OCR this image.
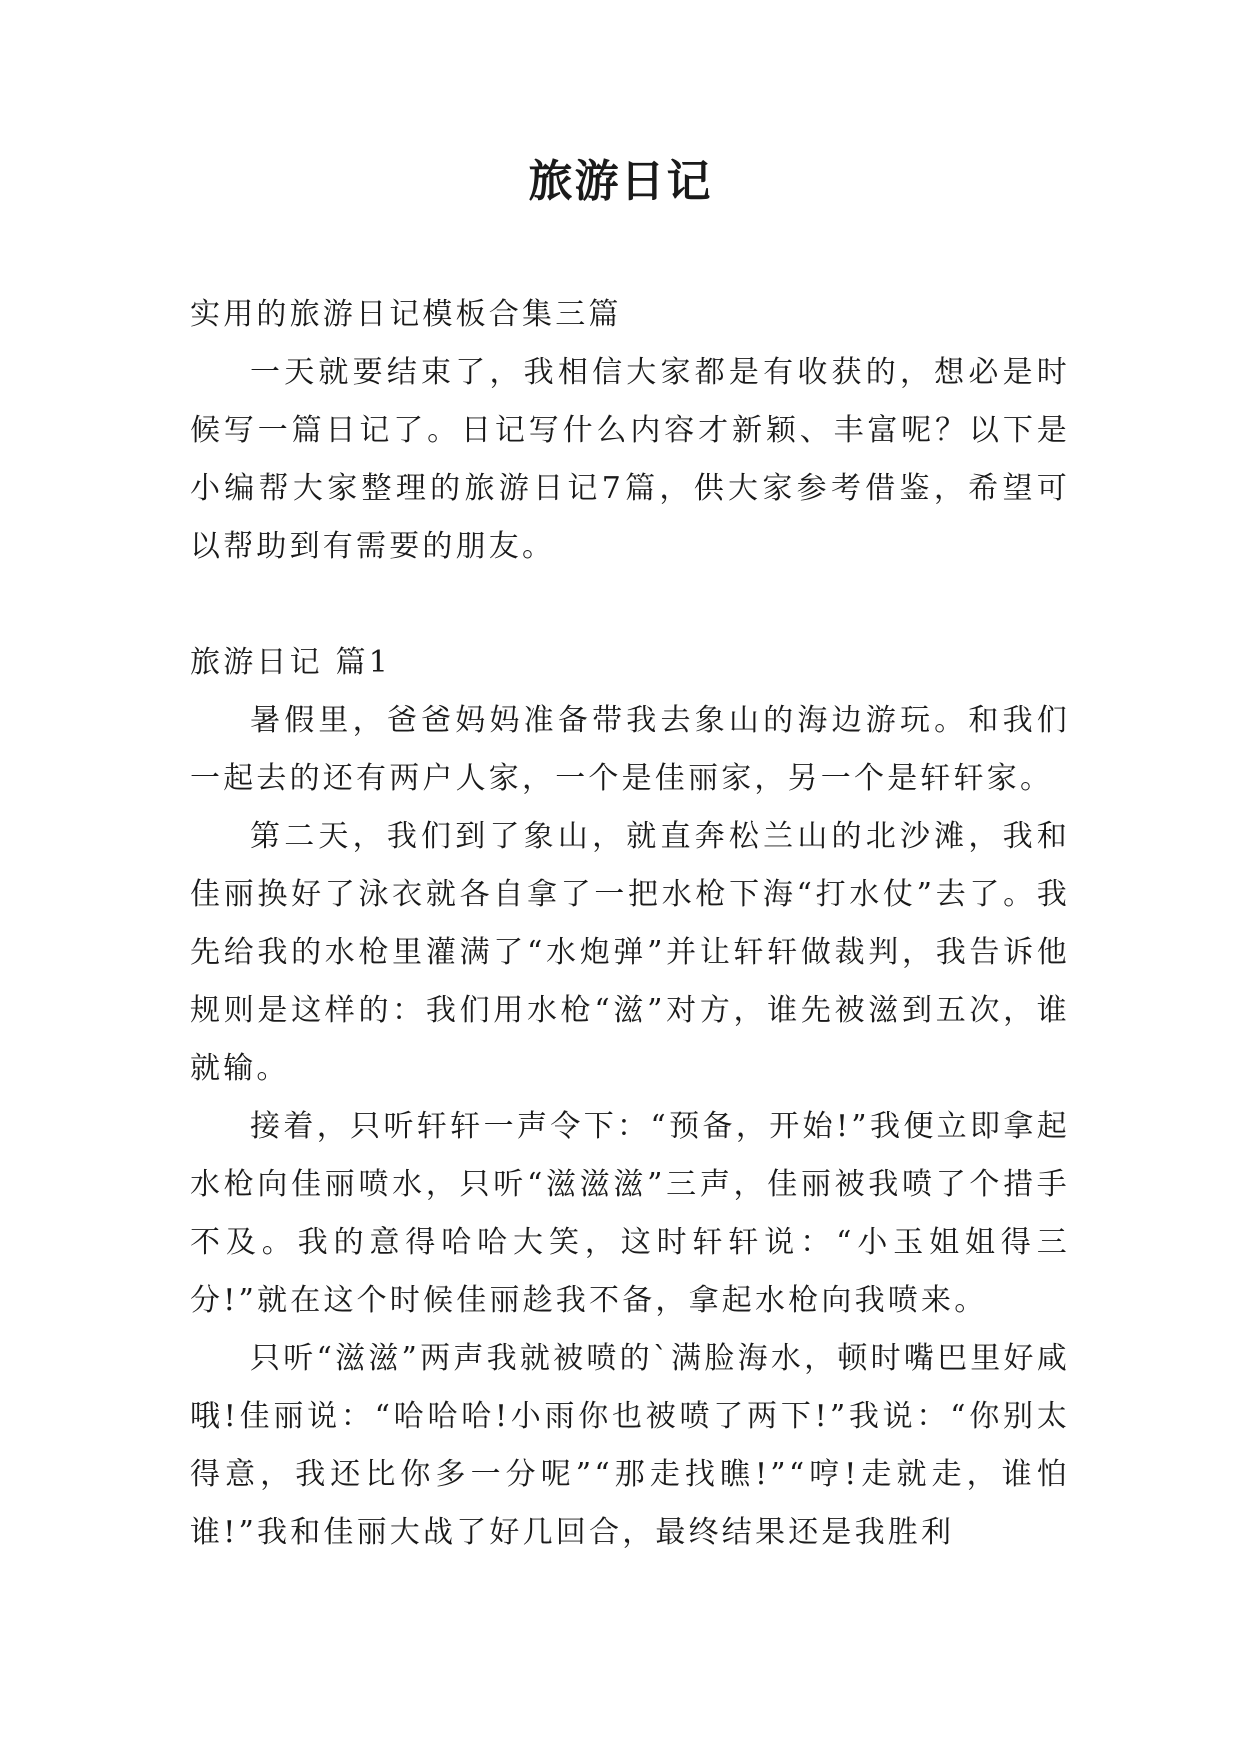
旅游日记

实用的旅游日记模板合集三篇

一天就要结束了，我相信大家都是有收获的，想必是时候写一篇日记了。日记写什么内容才新颖、丰富呢？以下是小编帮大家整理的旅游日记7篇，供大家参考借鉴，希望可以帮助到有需要的朋友。

旅游日记 篇1

暑假里，爸爸妈妈准备带我去象山的海边游玩。和我们一起去的还有两户人家，一个是佳丽家，另一个是轩轩家。

第二天，我们到了象山，就直奔松兰山的北沙滩，我和佳丽换好了泳衣就各自拿了一把水枪下海“打水仗”去了。我先给我的水枪里灌满了“水炮弹”并让轩轩做裁判，我告诉他规则是这样的：我们用水枪“滋”对方，谁先被滋到五次，谁就输。

接着，只听轩轩一声令下：“预备，开始!”我便立即拿起水枪向佳丽喷水，只听“滋滋滋”三声，佳丽被我喷了个措手不及。我的意得哈哈大笑，这时轩轩说：“小玉姐姐得三分!”就在这个时候佳丽趁我不备，拿起水枪向我喷来。

只听“滋滋”两声我就被喷的`满脸海水，顿时嘴巴里好咸哦!佳丽说：“哈哈哈!小雨你也被喷了两下!”我说：“你别太得意，我还比你多一分呢”“那走找瞧!”“哼!走就走，谁怕谁!”我和佳丽大战了好几回合，最终结果还是我胜利
